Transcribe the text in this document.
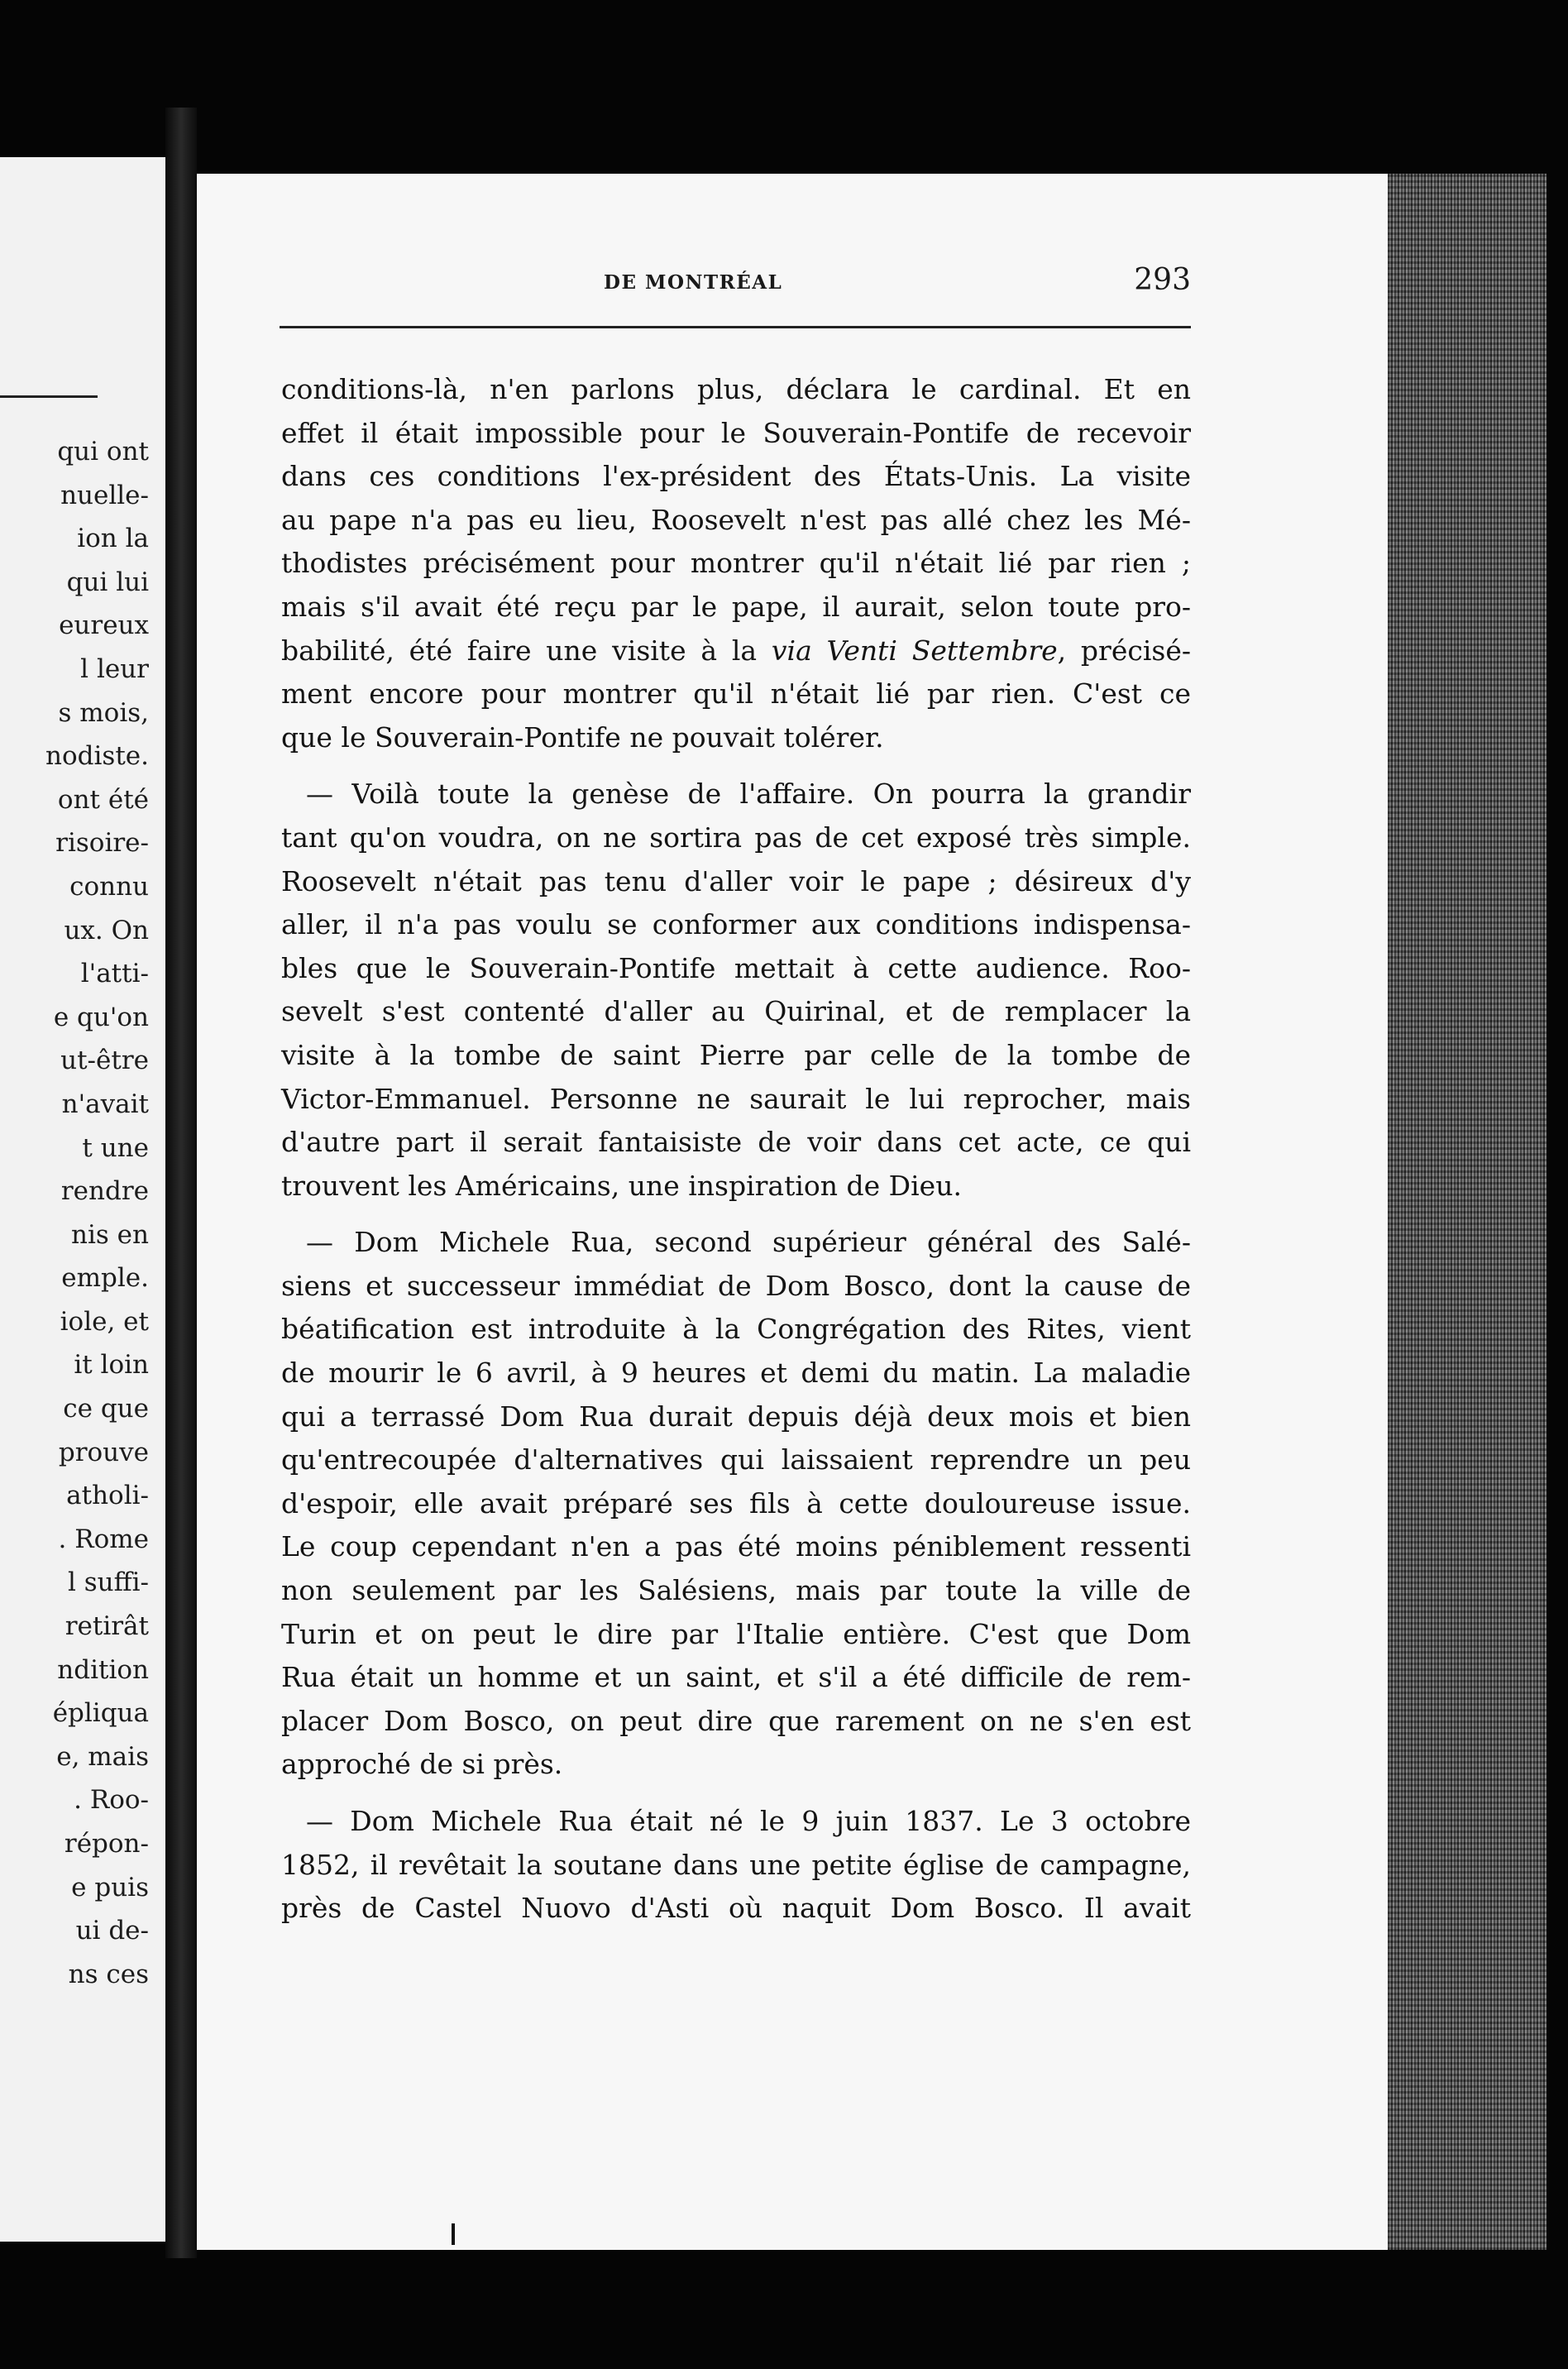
qui ont
nuelle-
ion la
qui lui
eureux
l leur
s mois,
nodiste.
ont été
risoire-
connu
ux. On
l'atti-
e qu'on
ut-être
n'avait
t une
rendre
nis en
emple.
iole, et
it loin
ce que
prouve
atholi-
. Rome
l suffi-
retirât
ndition
épliqua
e, mais
. Roo-
répon-
e puis
ui de-
ns ces
DE MONTRÉAL	293
conditions-là, n'en parlons plus, déclara le cardinal. Et en
effet il était impossible pour le Souverain-Pontife de recevoir
dans ces conditions l'ex-président des États-Unis. La visite
au pape n'a pas eu lieu, Roosevelt n'est pas allé chez les Mé-
thodistes précisément pour montrer qu'il n'était lié par rien ;
mais s'il avait été reçu par le pape, il aurait, selon toute pro-
babilité, été faire une visite à la via Venti Settembre, précisé-
ment encore pour montrer qu'il n'était lié par rien. C'est ce
que le Souverain-Pontife ne pouvait tolérer.
— Voilà toute la genèse de l'affaire. On pourra la grandir
tant qu'on voudra, on ne sortira pas de cet exposé très simple.
Roosevelt n'était pas tenu d'aller voir le pape ; désireux d'y
aller, il n'a pas voulu se conformer aux conditions indispensa-
bles que le Souverain-Pontife mettait à cette audience. Roo-
sevelt s'est contenté d'aller au Quirinal, et de remplacer la
visite à la tombe de saint Pierre par celle de la tombe de
Victor-Emmanuel. Personne ne saurait le lui reprocher, mais
d'autre part il serait fantaisiste de voir dans cet acte, ce qui
trouvent les Américains, une inspiration de Dieu.
— Dom Michele Rua, second supérieur général des Salé-
siens et successeur immédiat de Dom Bosco, dont la cause de
béatification est introduite à la Congrégation des Rites, vient
de mourir le 6 avril, à 9 heures et demi du matin. La maladie
qui a terrassé Dom Rua durait depuis déjà deux mois et bien
qu'entrecoupée d'alternatives qui laissaient reprendre un peu
d'espoir, elle avait préparé ses fils à cette douloureuse issue.
Le coup cependant n'en a pas été moins péniblement ressenti
non seulement par les Salésiens, mais par toute la ville de
Turin et on peut le dire par l'Italie entière. C'est que Dom
Rua était un homme et un saint, et s'il a été difficile de rem-
placer Dom Bosco, on peut dire que rarement on ne s'en est
approché de si près.
— Dom Michele Rua était né le 9 juin 1837. Le 3 octobre
1852, il revêtait la soutane dans une petite église de campagne,
près de Castel Nuovo d'Asti où naquit Dom Bosco. Il avait
